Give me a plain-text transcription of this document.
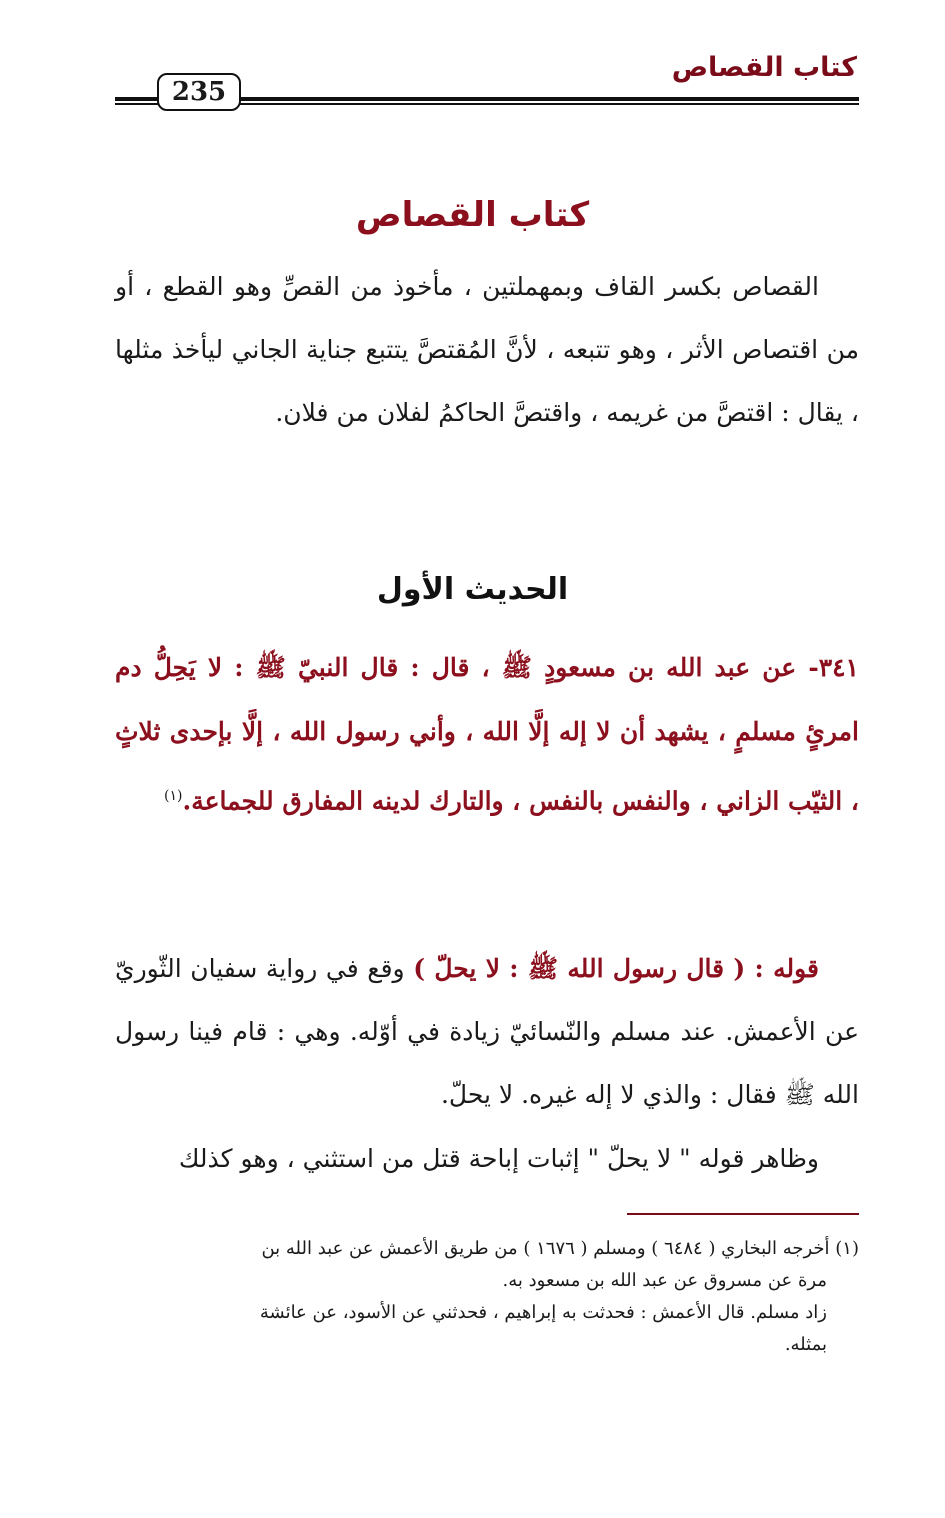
كتاب القصاص
235
كتاب القصاص

القصاص بكسر القاف وبمهملتين ، مأخوذ من القصِّ وهو القطع ، أو من اقتصاص الأثر ، وهو تتبعه ، لأنَّ المُقتصَّ يتتبع جناية الجاني ليأخذ مثلها ، يقال : اقتصَّ من غريمه ، واقتصَّ الحاكمُ لفلان من فلان.

الحديث الأول

٣٤١- عن عبد الله بن مسعودٍ ﷺ ، قال : قال النبيّ ﷺ : لا يَحِلُّ دم امرئٍ مسلمٍ ، يشهد أن لا إله إلَّا الله ، وأني رسول الله ، إلَّا بإحدى ثلاثٍ ، الثيّب الزاني ، والنفس بالنفس ، والتارك لدينه المفارق للجماعة.$^{(١)}$

قوله : ( قال رسول الله ﷺ : لا يحلّ ) وقع في رواية سفيان الثّوريّ عن الأعمش. عند مسلم والنّسائيّ زيادة في أوّله. وهي : قام فينا رسول الله ﷺ فقال : والذي لا إله غيره. لا يحلّ.

وظاهر قوله " لا يحلّ " إثبات إباحة قتل من استثني ، وهو كذلك

(١) أخرجه البخاري ( ٦٤٨٤ ) ومسلم ( ١٦٧٦ ) من طريق الأعمش عن عبد الله بن

مرة عن مسروق عن عبد الله بن مسعود به.

زاد مسلم. قال الأعمش : فحدثت به إبراهيم ، فحدثني عن الأسود، عن عائشة

بمثله.
